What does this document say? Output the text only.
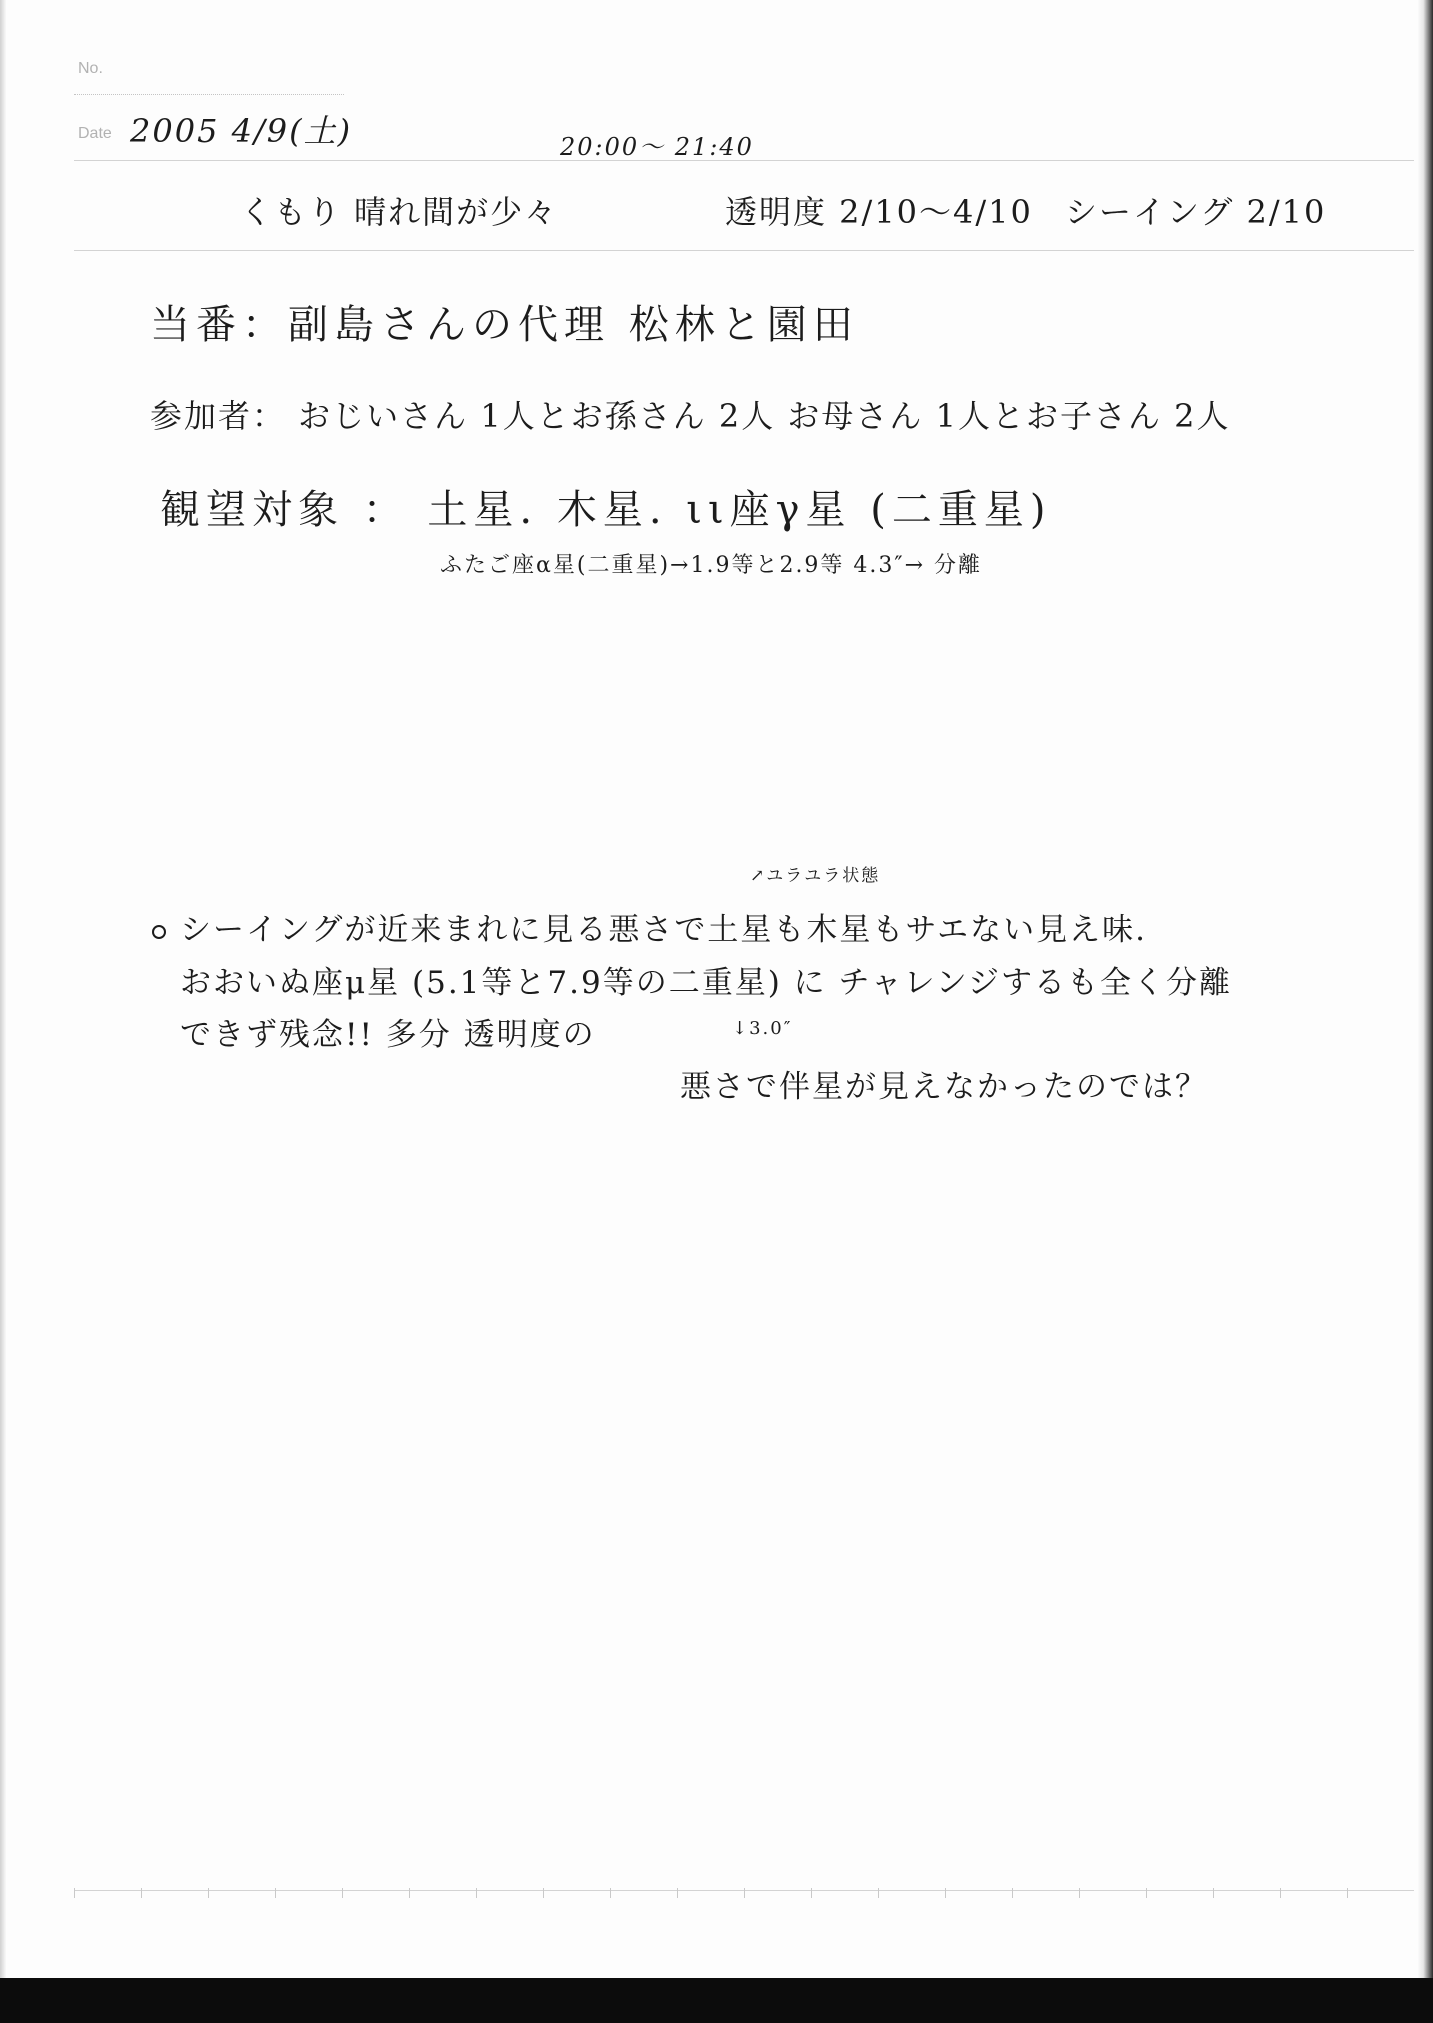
No.
Date 2005 4/9(土)	20:00〜 21:40
くもり 晴れ間が少々	透明度 2/10〜4/10 シーイング 2/10
当番：副島さんの代理 松林と園田
参加者： おじいさん 1人とお孫さん 2人 お母さん 1人とお子さん 2人
観望対象 ： 土星. 木星. ιι座γ星 (二重星)
ふたご座α星(二重星)→1.9等と2.9等 4.3″→ 分離
↗ユラユラ状態
シーイングが近来まれに見る悪さで土星も木星もサエない見え味.
おおいぬ座μ星 (5.1等と7.9等の二重星) に チャレンジするも全く分離
できず残念!! 多分 透明度の	↓3.0″
悪さで伴星が見えなかったのでは？
